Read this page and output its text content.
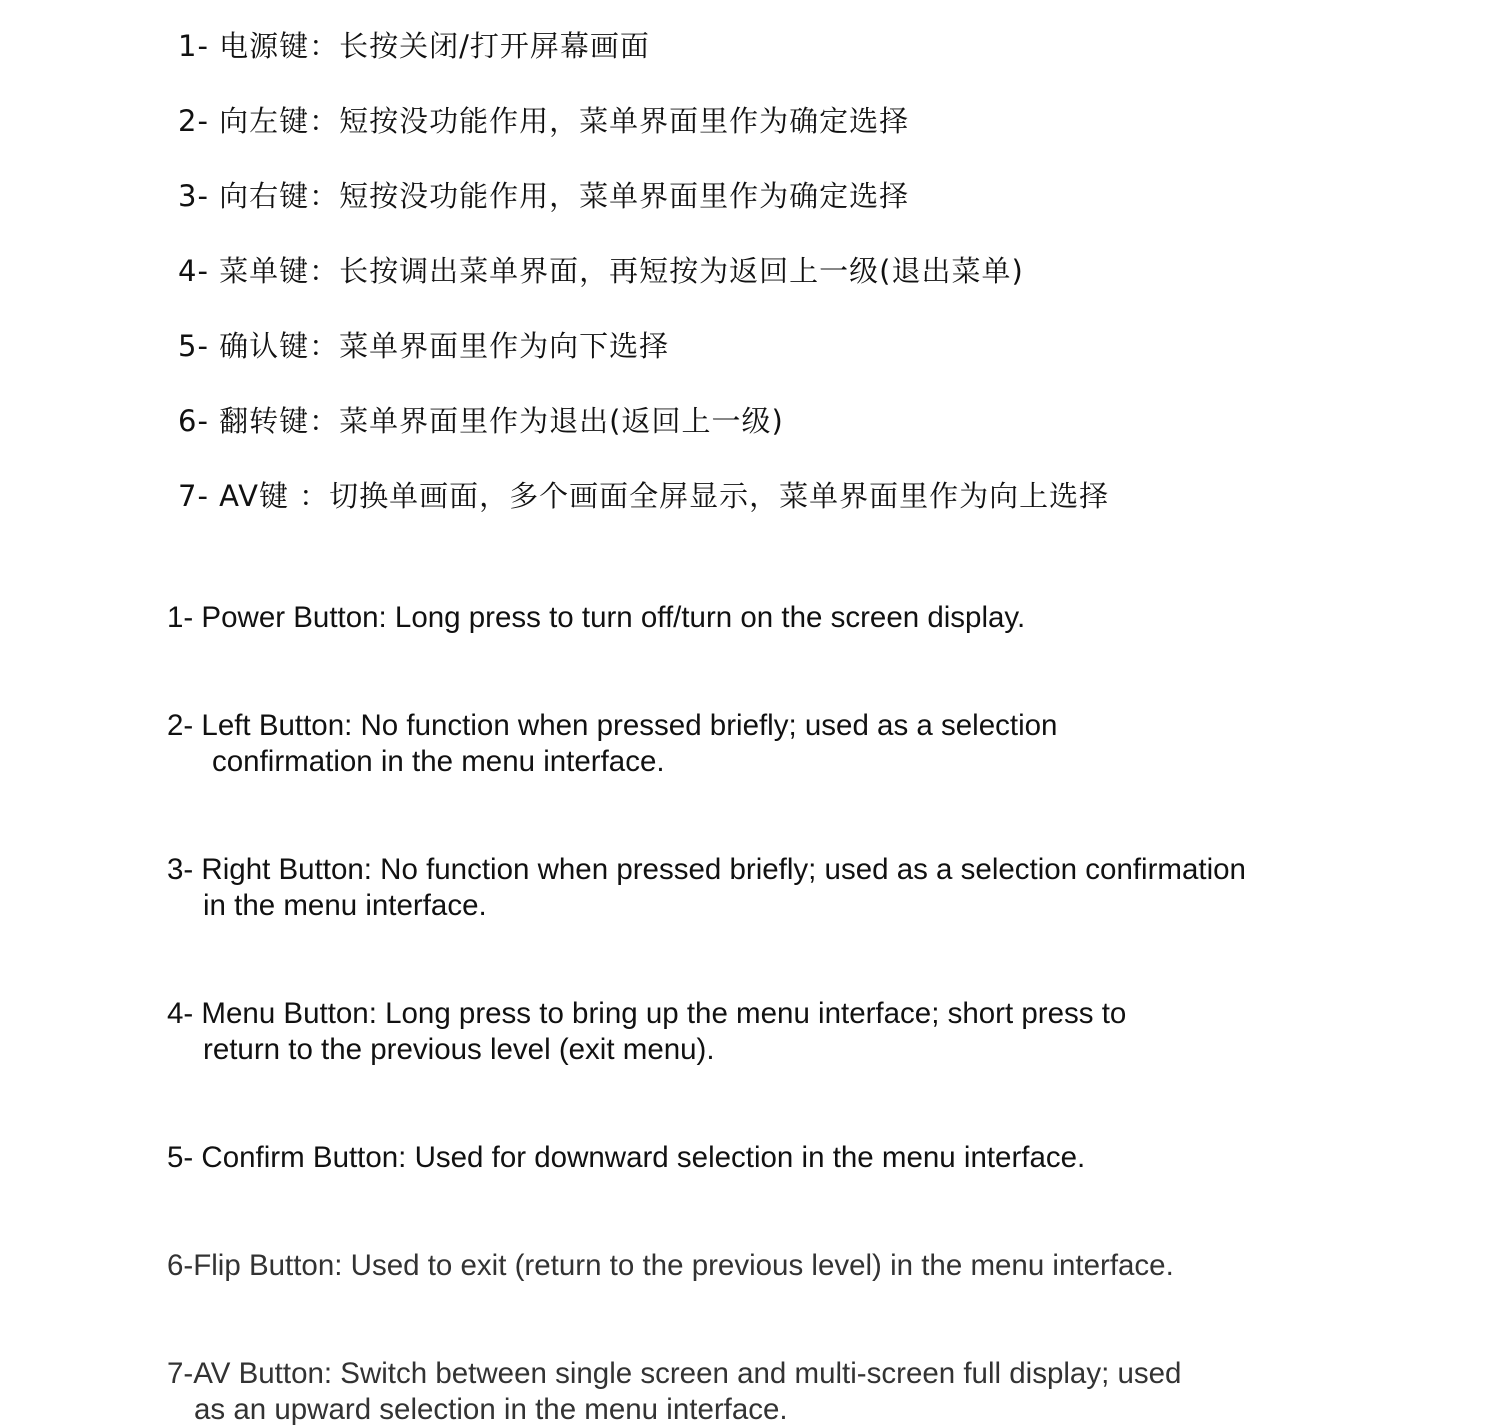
1- 电源键：长按关闭/打开屏幕画面
2- 向左键：短按没功能作用，菜单界面里作为确定选择
3- 向右键：短按没功能作用，菜单界面里作为确定选择
4- 菜单键：长按调出菜单界面，再短按为返回上一级(退出菜单)
5- 确认键：菜单界面里作为向下选择
6- 翻转键：菜单界面里作为退出(返回上一级)
7- AV键 ：切换单画面，多个画面全屏显示，菜单界面里作为向上选择
1- Power Button: Long press to turn off/turn on the screen display.
2- Left Button: No function when pressed briefly; used as a selection
confirmation in the menu interface.
3- Right Button: No function when pressed briefly; used as a selection confirmation
in the menu interface.
4- Menu Button: Long press to bring up the menu interface; short press to
return to the previous level (exit menu).
5- Confirm Button: Used for downward selection in the menu interface.
6-Flip Button: Used to exit (return to the previous level) in the menu interface.
7-AV Button: Switch between single screen and multi-screen full display; used
as an upward selection in the menu interface.
